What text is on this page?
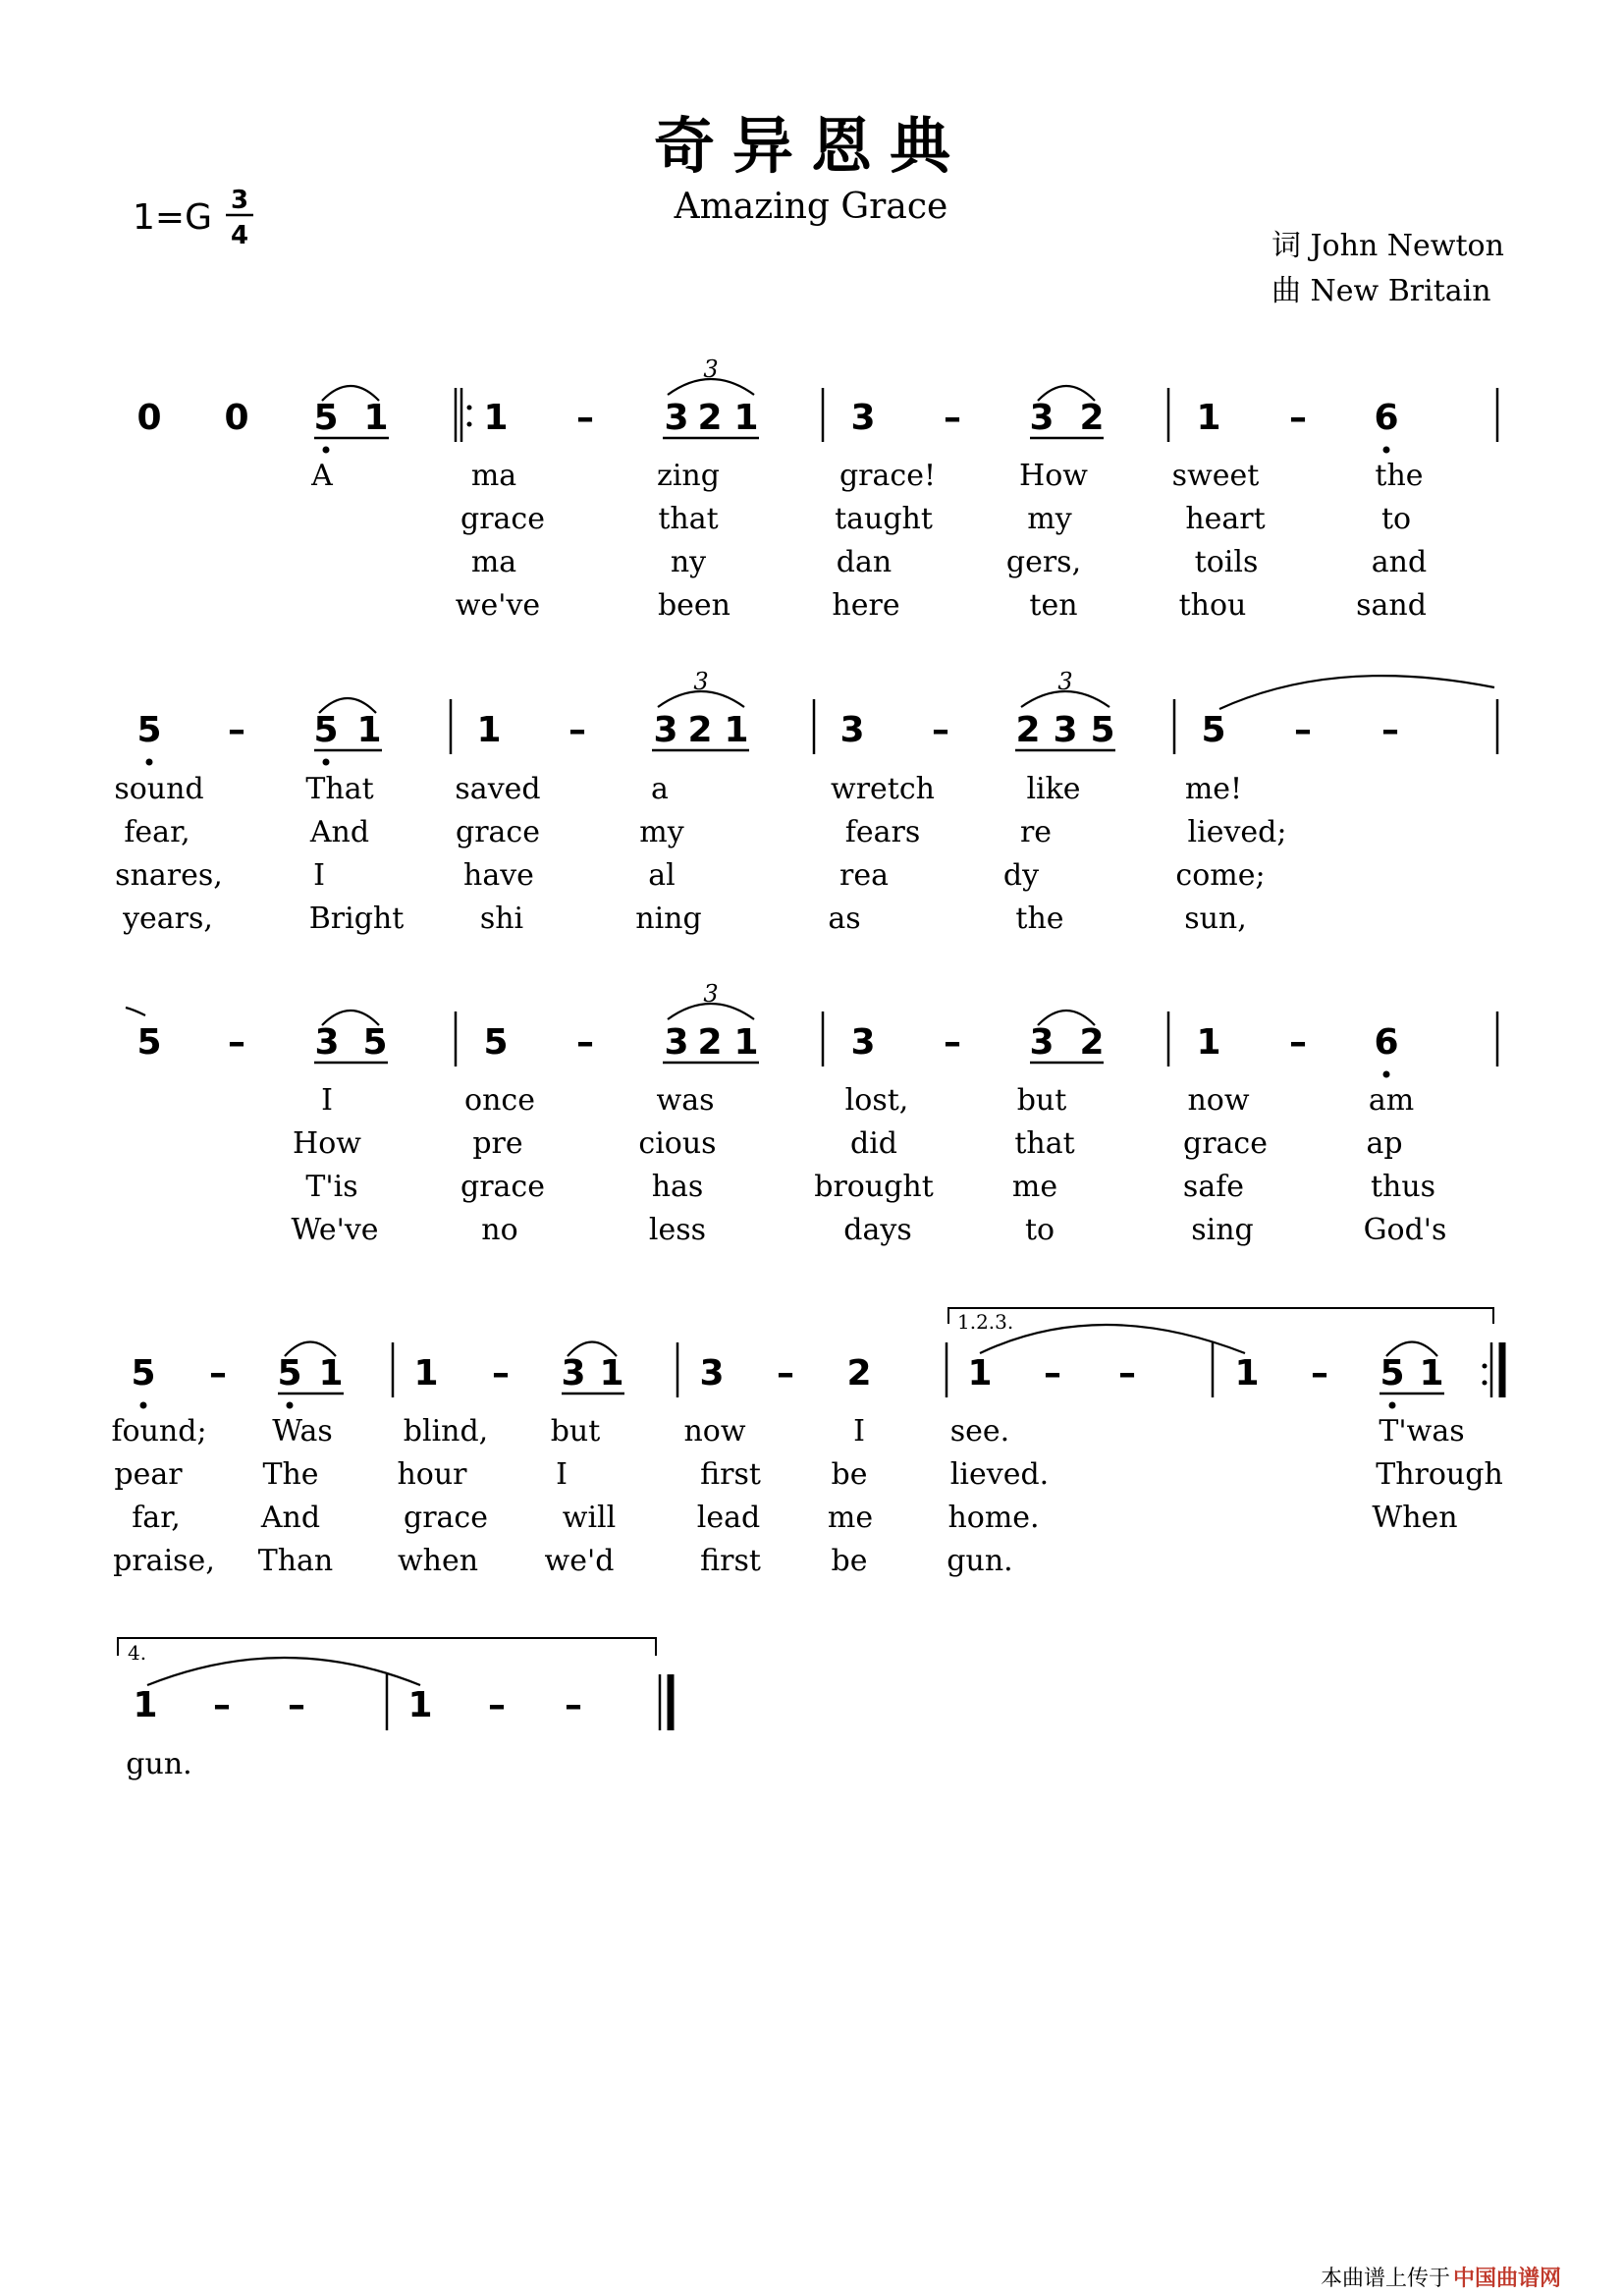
奇异恩典
Amazing Grace
1=G 3
4	词 John Newton
曲 New Britain
0 0 5 1	1 – 3 2 1
3
3 – 3 2	1 – 6
A	ma	zing	grace!	How	sweet	the
grace	that	taught	my	heart	to
ma	ny	dan	gers,	toils	and
we've	been	here	ten	thou	sand
5 – 5 1	1 – 3 2 1
3
3 – 2 3 5
3
5 – –
sound	That	saved	a	wretch	like	me!
fear,	And	grace	my	fears	re	lieved;
snares,	I	have	al	rea	dy	come;
years,	Bright	shi	ning	as	the	sun,
5 – 3 5	5 – 3 2 1
3
3 – 3 2	1 – 6
I	once	was	lost,	but	now	am
How	pre	cious	did	that	grace	ap
T'is	grace	has	brought	me	safe	thus
We've	no	less	days	to	sing	God's
5 – 5 1 1 – 3 1 3 – 2
1.2.3.
1 – –	1 – 5 1
found; Was blind, but	now	I	see.	T'was
pear	The	hour	I	first be	lieved.	Through
far,	And	grace	will	lead me	home.	When
praise, Than when we'd	first be	gun.
4.
1 – –	1 – –
gun.
本曲谱上传于 中国曲谱网
